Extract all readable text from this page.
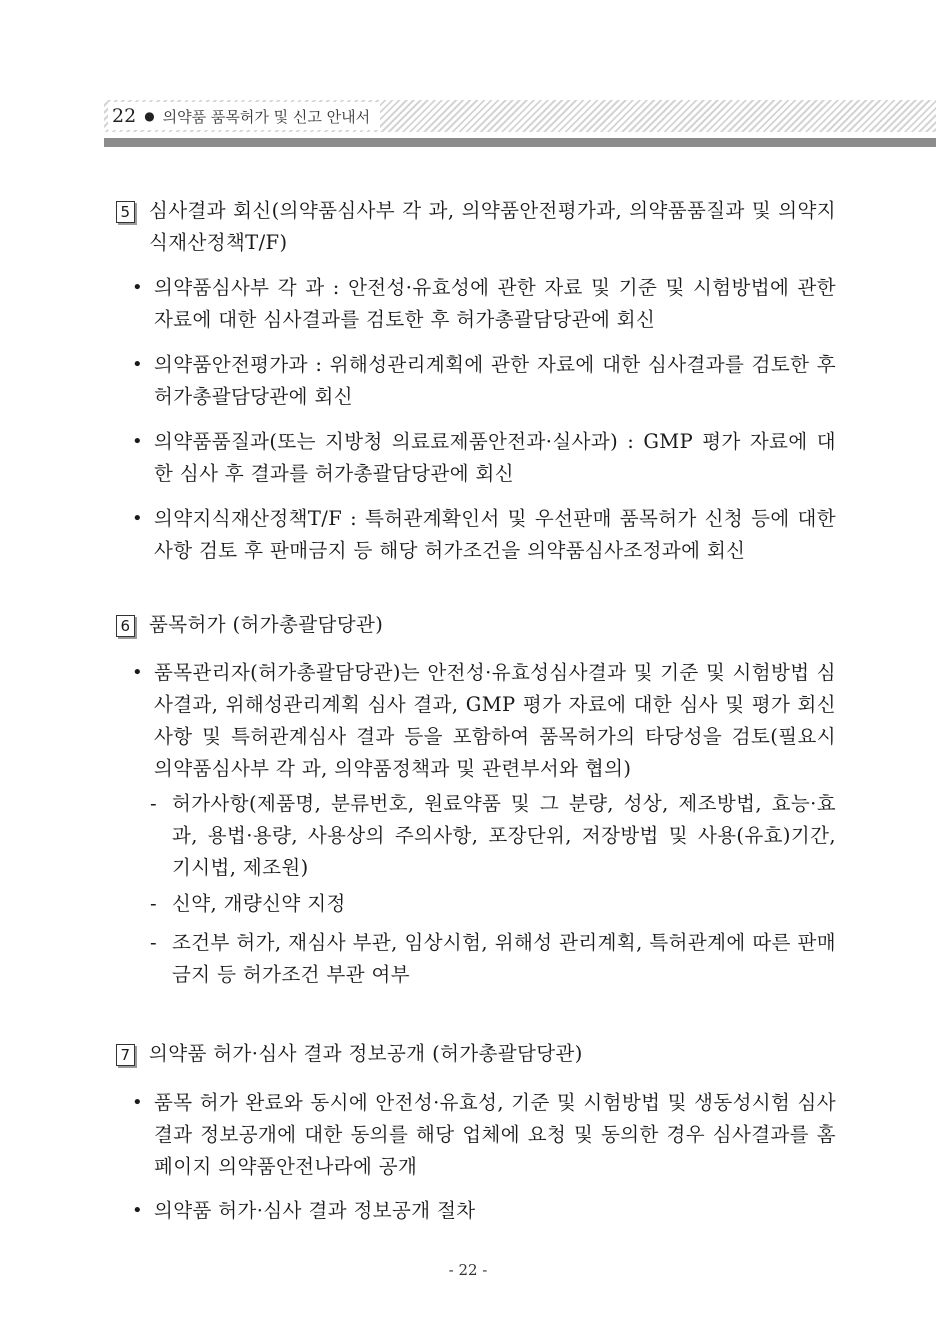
22 ● 의약품 품목허가 및 신고 안내서
5 심사결과 회신(의약품심사부 각 과, 의약품안전평가과, 의약품품질과 및 의약지식재산정책T/F)
• 의약품심사부 각 과 : 안전성·유효성에 관한 자료 및 기준 및 시험방법에 관한 자료에 대한 심사결과를 검토한 후 허가총괄담당관에 회신
• 의약품안전평가과 : 위해성관리계획에 관한 자료에 대한 심사결과를 검토한 후 허가총괄담당관에 회신
• 의약품품질과(또는 지방청 의료료제품안전과·실사과) : GMP 평가 자료에 대한 심사 후 결과를 허가총괄담당관에 회신
• 의약지식재산정책T/F : 특허관계확인서 및 우선판매 품목허가 신청 등에 대한 사항 검토 후 판매금지 등 해당 허가조건을 의약품심사조정과에 회신
6 품목허가 (허가총괄담당관)
• 품목관리자(허가총괄담당관)는 안전성·유효성심사결과 및 기준 및 시험방법 심사결과, 위해성관리계획 심사 결과, GMP 평가 자료에 대한 심사 및 평가 회신사항 및 특허관계심사 결과 등을 포함하여 품목허가의 타당성을 검토(필요시 의약품심사부 각 과, 의약품정책과 및 관련부서와 협의)
- 허가사항(제품명, 분류번호, 원료약품 및 그 분량, 성상, 제조방법, 효능·효과, 용법·용량, 사용상의 주의사항, 포장단위, 저장방법 및 사용(유효)기간, 기시법, 제조원)
- 신약, 개량신약 지정
- 조건부 허가, 재심사 부관, 임상시험, 위해성 관리계획, 특허관계에 따른 판매금지 등 허가조건 부관 여부
7 의약품 허가·심사 결과 정보공개 (허가총괄담당관)
• 품목 허가 완료와 동시에 안전성·유효성, 기준 및 시험방법 및 생동성시험 심사 결과 정보공개에 대한 동의를 해당 업체에 요청 및 동의한 경우 심사결과를 홈페이지 의약품안전나라에 공개
• 의약품 허가·심사 결과 정보공개 절차
- 22 -
